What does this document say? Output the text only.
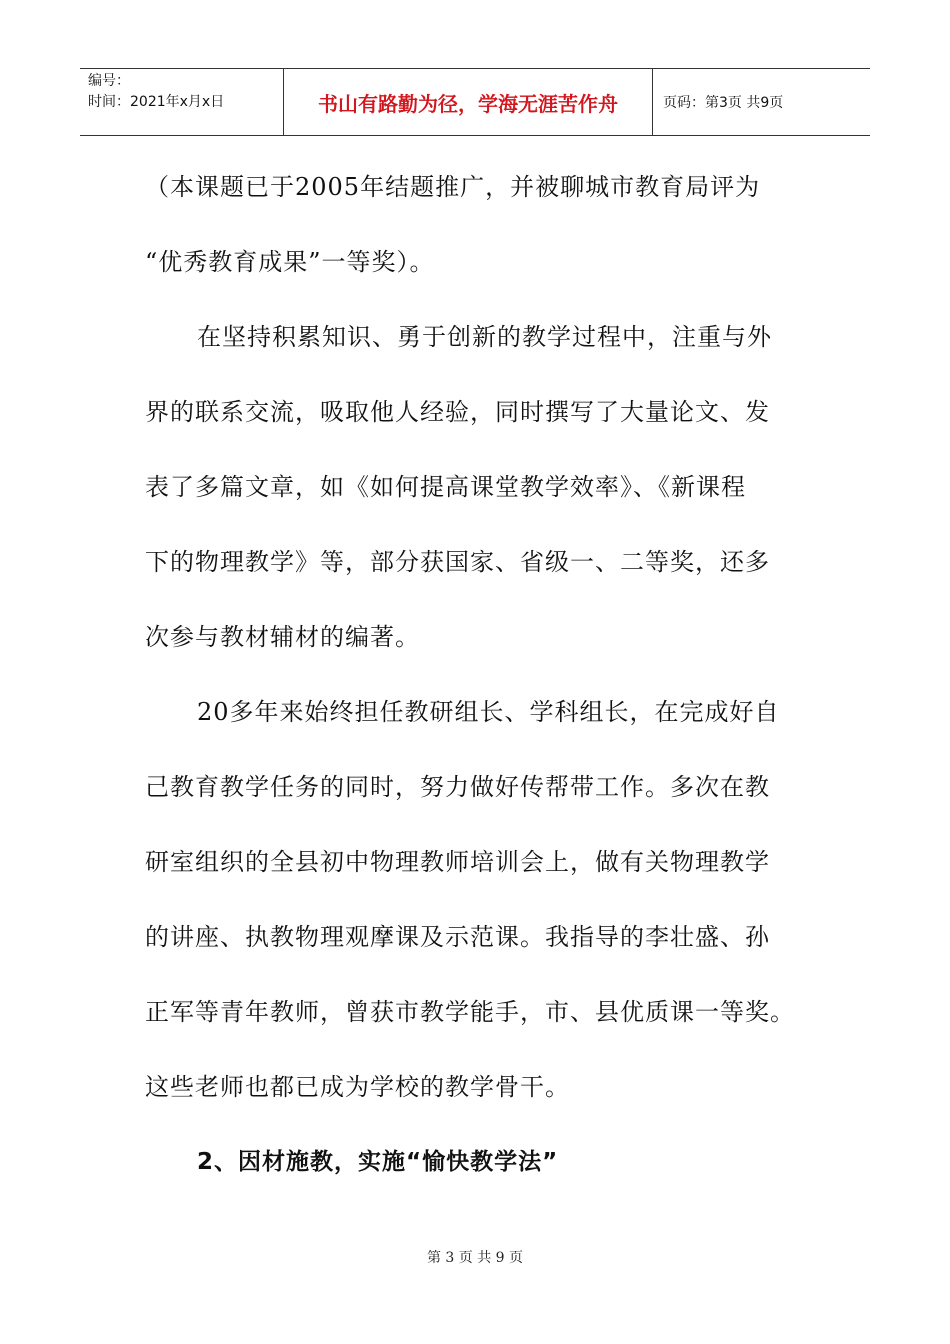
编号：
时间：2021年x月x日	书山有路勤为径，学海无涯苦作舟	页码：第3页 共9页
（本课题已于2005年结题推广，并被聊城市教育局评为
“优秀教育成果”一等奖）。
在坚持积累知识、勇于创新的教学过程中，注重与外
界的联系交流，吸取他人经验，同时撰写了大量论文、发
表了多篇文章，如《如何提高课堂教学效率》、《新课程
下的物理教学》等，部分获国家、省级一、二等奖，还多
次参与教材辅材的编著。
20多年来始终担任教研组长、学科组长，在完成好自
己教育教学任务的同时，努力做好传帮带工作。多次在教
研室组织的全县初中物理教师培训会上，做有关物理教学
的讲座、执教物理观摩课及示范课。我指导的李壮盛、孙
正军等青年教师，曾获市教学能手，市、县优质课一等奖。
这些老师也都已成为学校的教学骨干。
2、因材施教，实施“愉快教学法”
第 3 页 共 9 页
